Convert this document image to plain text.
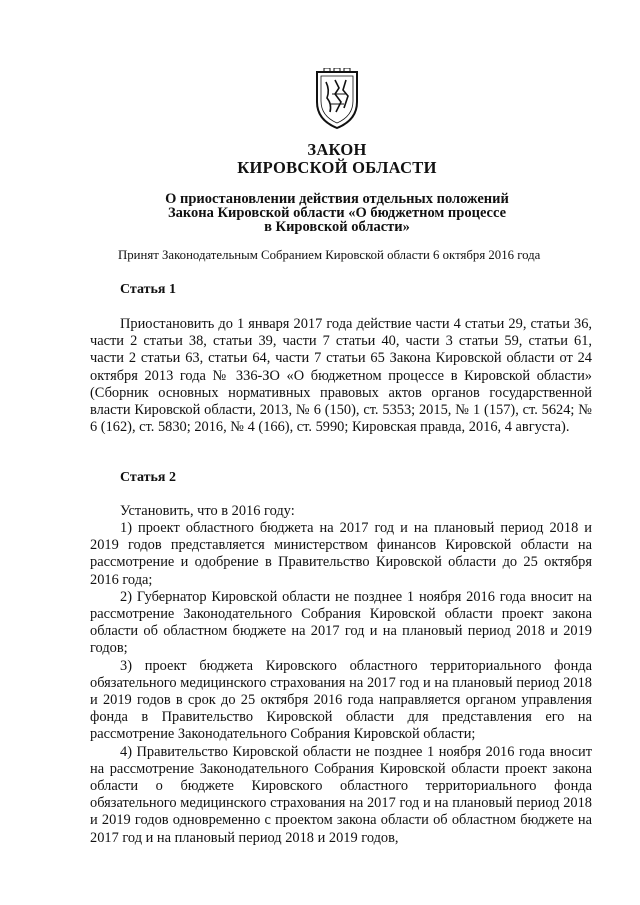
ЗАКОН
КИРОВСКОЙ ОБЛАСТИ
О приостановлении действия отдельных положений
Закона Кировской области «О бюджетном процессе
в Кировской области»
Принят Законодательным Собранием Кировской области 6 октября 2016 года
Статья 1

Приостановить до 1 января 2017 года действие части 4 статьи 29, статьи 36, части 2 статьи 38, статьи 39, части 7 статьи 40, части 3 статьи 59, статьи 61, части 2 статьи 63, статьи 64, части 7 статьи 65 Закона Кировской области от 24 октября 2013 года № 336-ЗО «О бюджетном процессе в Кировской области» (Сборник основных нормативных правовых актов органов государственной власти Кировской области, 2013, № 6 (150), ст. 5353; 2015, № 1 (157), ст. 5624; № 6 (162), ст. 5830; 2016, № 4 (166), ст. 5990; Кировская правда, 2016, 4 августа).

Статья 2
Установить, что в 2016 году:

1) проект областного бюджета на 2017 год и на плановый период 2018 и 2019 годов представляется министерством финансов Кировской области на рассмотрение и одобрение в Правительство Кировской области до 25 октября 2016 года;

2) Губернатор Кировской области не позднее 1 ноября 2016 года вносит на рассмотрение Законодательного Собрания Кировской области проект закона области об областном бюджете на 2017 год и на плановый период 2018 и 2019 годов;

3) проект бюджета Кировского областного территориального фонда обязательного медицинского страхования на 2017 год и на плановый период 2018 и 2019 годов в срок до 25 октября 2016 года направляется органом управления фонда в Правительство Кировской области для представления его на рассмотрение Законодательного Собрания Кировской области;

4) Правительство Кировской области не позднее 1 ноября 2016 года вносит на рассмотрение Законодательного Собрания Кировской области проект закона области о бюджете Кировского областного территориального фонда обязательного медицинского страхования на 2017 год и на плановый период 2018 и 2019 годов одновременно с проектом закона области об областном бюджете на 2017 год и на плановый период 2018 и 2019 годов,
